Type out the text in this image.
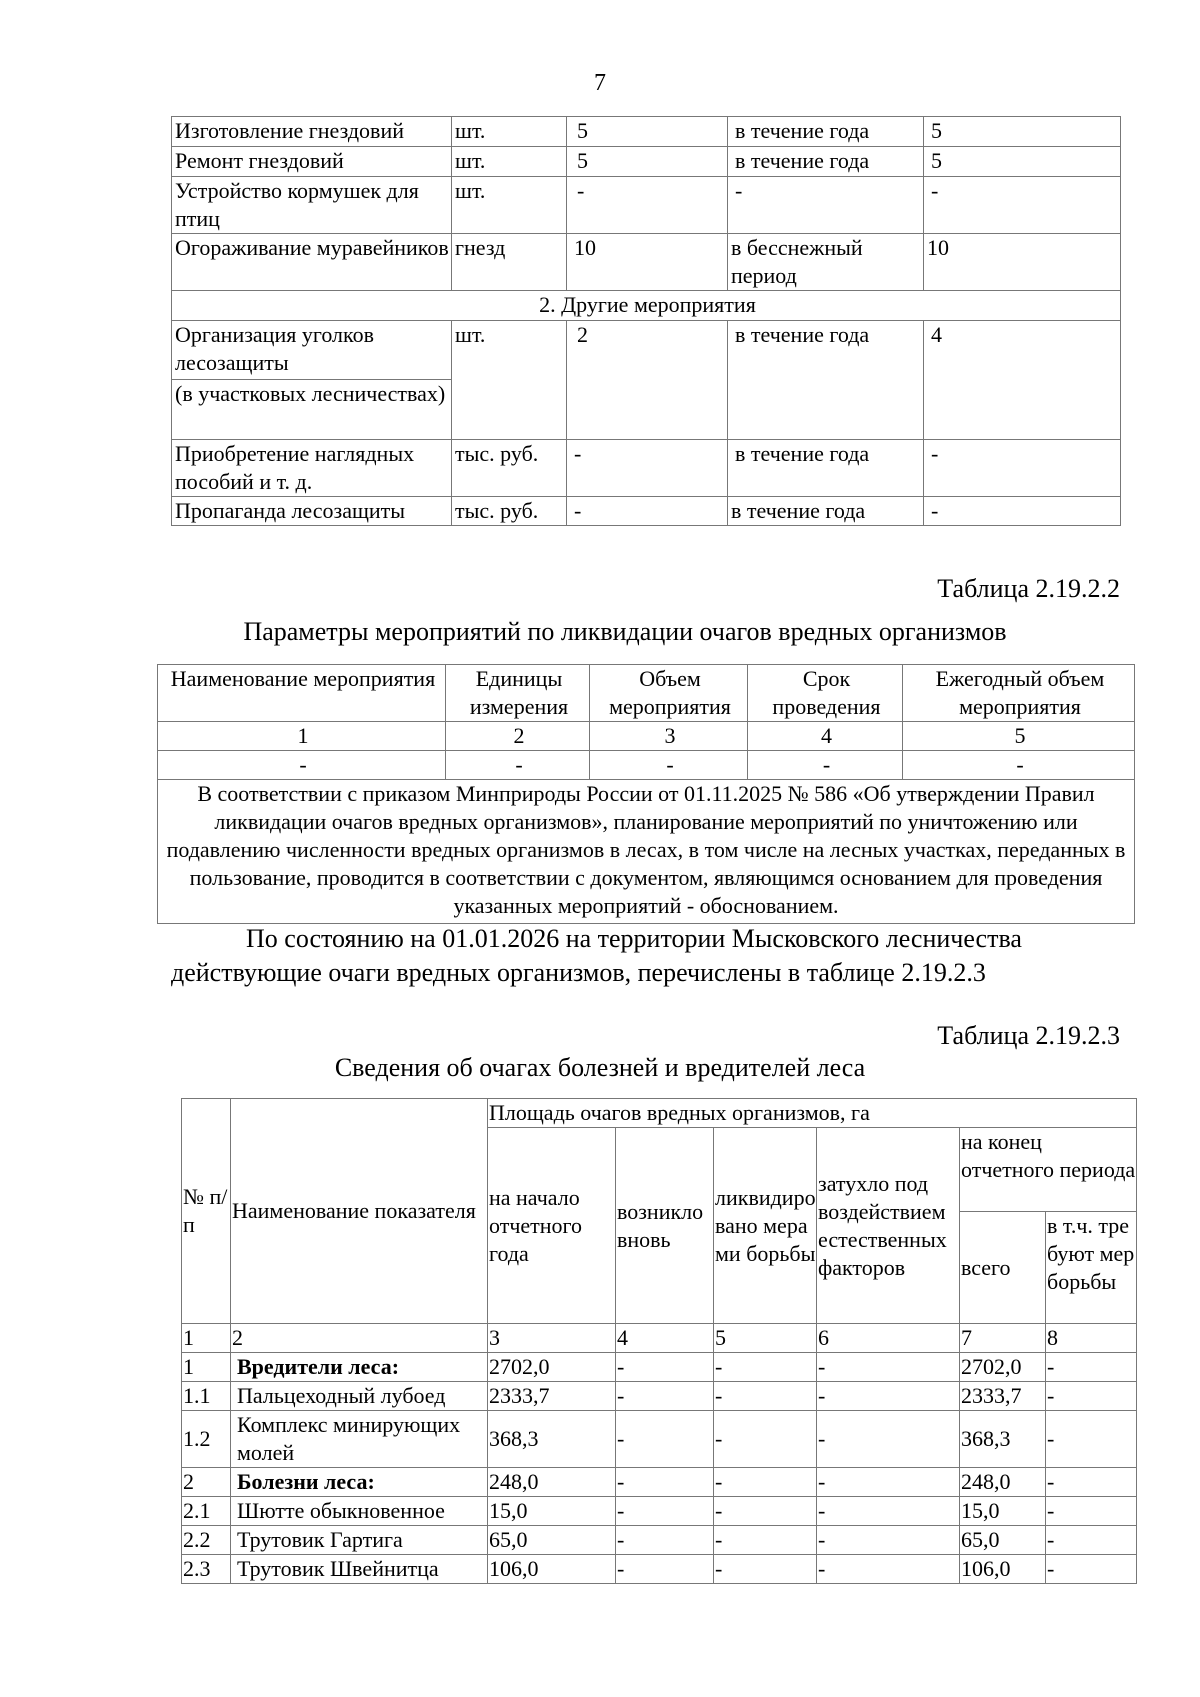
7
Изготовление гнездовий	шт.	5	в течение года	5
Ремонт гнездовий	шт.	5	в течение года	5
Устройство кормушек для птиц	шт.	-	-	-
Огораживание муравейников	гнезд	10	в бесснежный период	10
2. Другие мероприятия				
Организация уголков лесозащиты	шт.	2	в течение года	4
(в участковых лесничествах)				
Приобретение наглядных пособий и т. д.	тыс. руб.	-	в течение года	-
Пропаганда лесозащиты	тыс. руб.	-	в течение года	-
Таблица 2.19.2.2
Параметры мероприятий по ликвидации очагов вредных организмов
Наименование мероприятия	Единицы измерения	Объем мероприятия	Срок проведения	Ежегодный объем мероприятия
1	2	3	4	5
-	-	-	-	-
В соответствии с приказом Минприроды России от 01.11.2025 № 586 «Об утверждении Правил ликвидации очагов вредных организмов», планирование мероприятий по уничтожению или подавлению численности вредных организмов в лесах, в том числе на лесных участках, переданных в пользование, проводится в соответствии с документом, являющимся основанием для проведения указанных мероприятий - обоснованием.				
По состоянию на 01.01.2026 на территории Мысковского лесничества
действующие очаги вредных организмов, перечислены в таблице 2.19.2.3
Таблица 2.19.2.3
Сведения об очагах болезней и вредителей леса
№ п/п	Наименование показателя	Площадь очагов вредных организмов, га					
		на начало отчетного года	возникло вновь	ликвидировано мерами борьбы	затухло под воздействием естественных факторов	на конец отчетного периода	
						всего	в т.ч. требуют мер борьбы
1	2	3	4	5	6	7	8
1	Вредители леса:	2702,0	-	-	-	2702,0	-
1.1	Пальцеходный лубоед	2333,7	-	-	-	2333,7	-
1.2	Комплекс минирующих молей	368,3	-	-	-	368,3	-
2	Болезни леса:	248,0	-	-	-	248,0	-
2.1	Шютте обыкновенное	15,0	-	-	-	15,0	-
2.2	Трутовик Гартига	65,0	-	-	-	65,0	-
2.3	Трутовик Швейнитца	106,0	-	-	-	106,0	-
